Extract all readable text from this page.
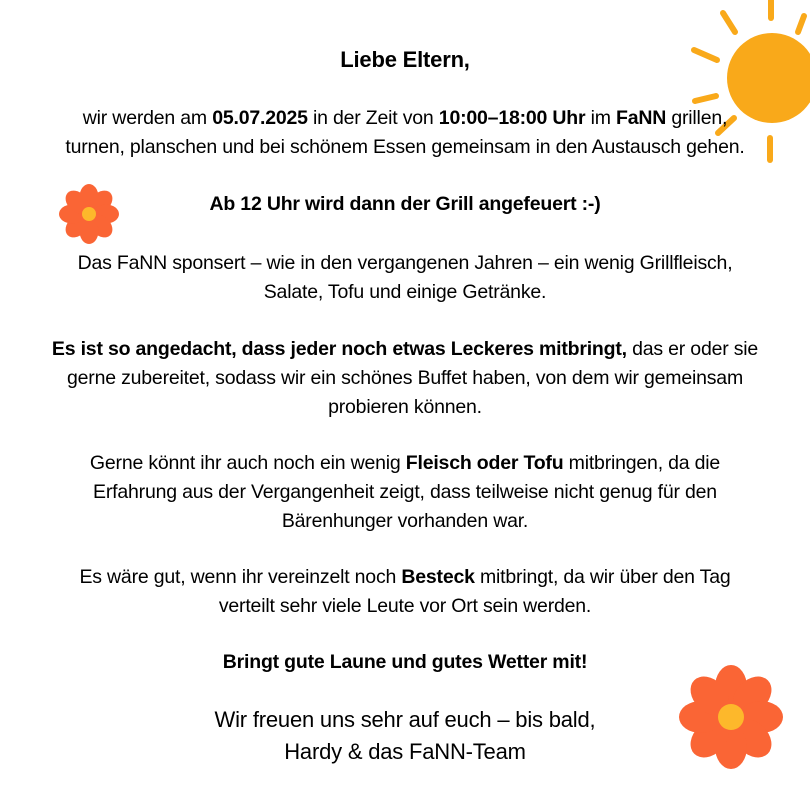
Liebe Eltern,
wir werden am 05.07.2025 in der Zeit von 10:00–18:00 Uhr im FaNN grillen,
turnen, planschen und bei schönem Essen gemeinsam in den Austausch gehen.
Ab 12 Uhr wird dann der Grill angefeuert :-)
Das FaNN sponsert – wie in den vergangenen Jahren – ein wenig Grillfleisch,
Salate, Tofu und einige Getränke.
Es ist so angedacht, dass jeder noch etwas Leckeres mitbringt, das er oder sie
gerne zubereitet, sodass wir ein schönes Buffet haben, von dem wir gemeinsam
probieren können.
Gerne könnt ihr auch noch ein wenig Fleisch oder Tofu mitbringen, da die
Erfahrung aus der Vergangenheit zeigt, dass teilweise nicht genug für den
Bärenhunger vorhanden war.
Es wäre gut, wenn ihr vereinzelt noch Besteck mitbringt, da wir über den Tag
verteilt sehr viele Leute vor Ort sein werden.
Bringt gute Laune und gutes Wetter mit!
Wir freuen uns sehr auf euch – bis bald,
Hardy & das FaNN-Team
